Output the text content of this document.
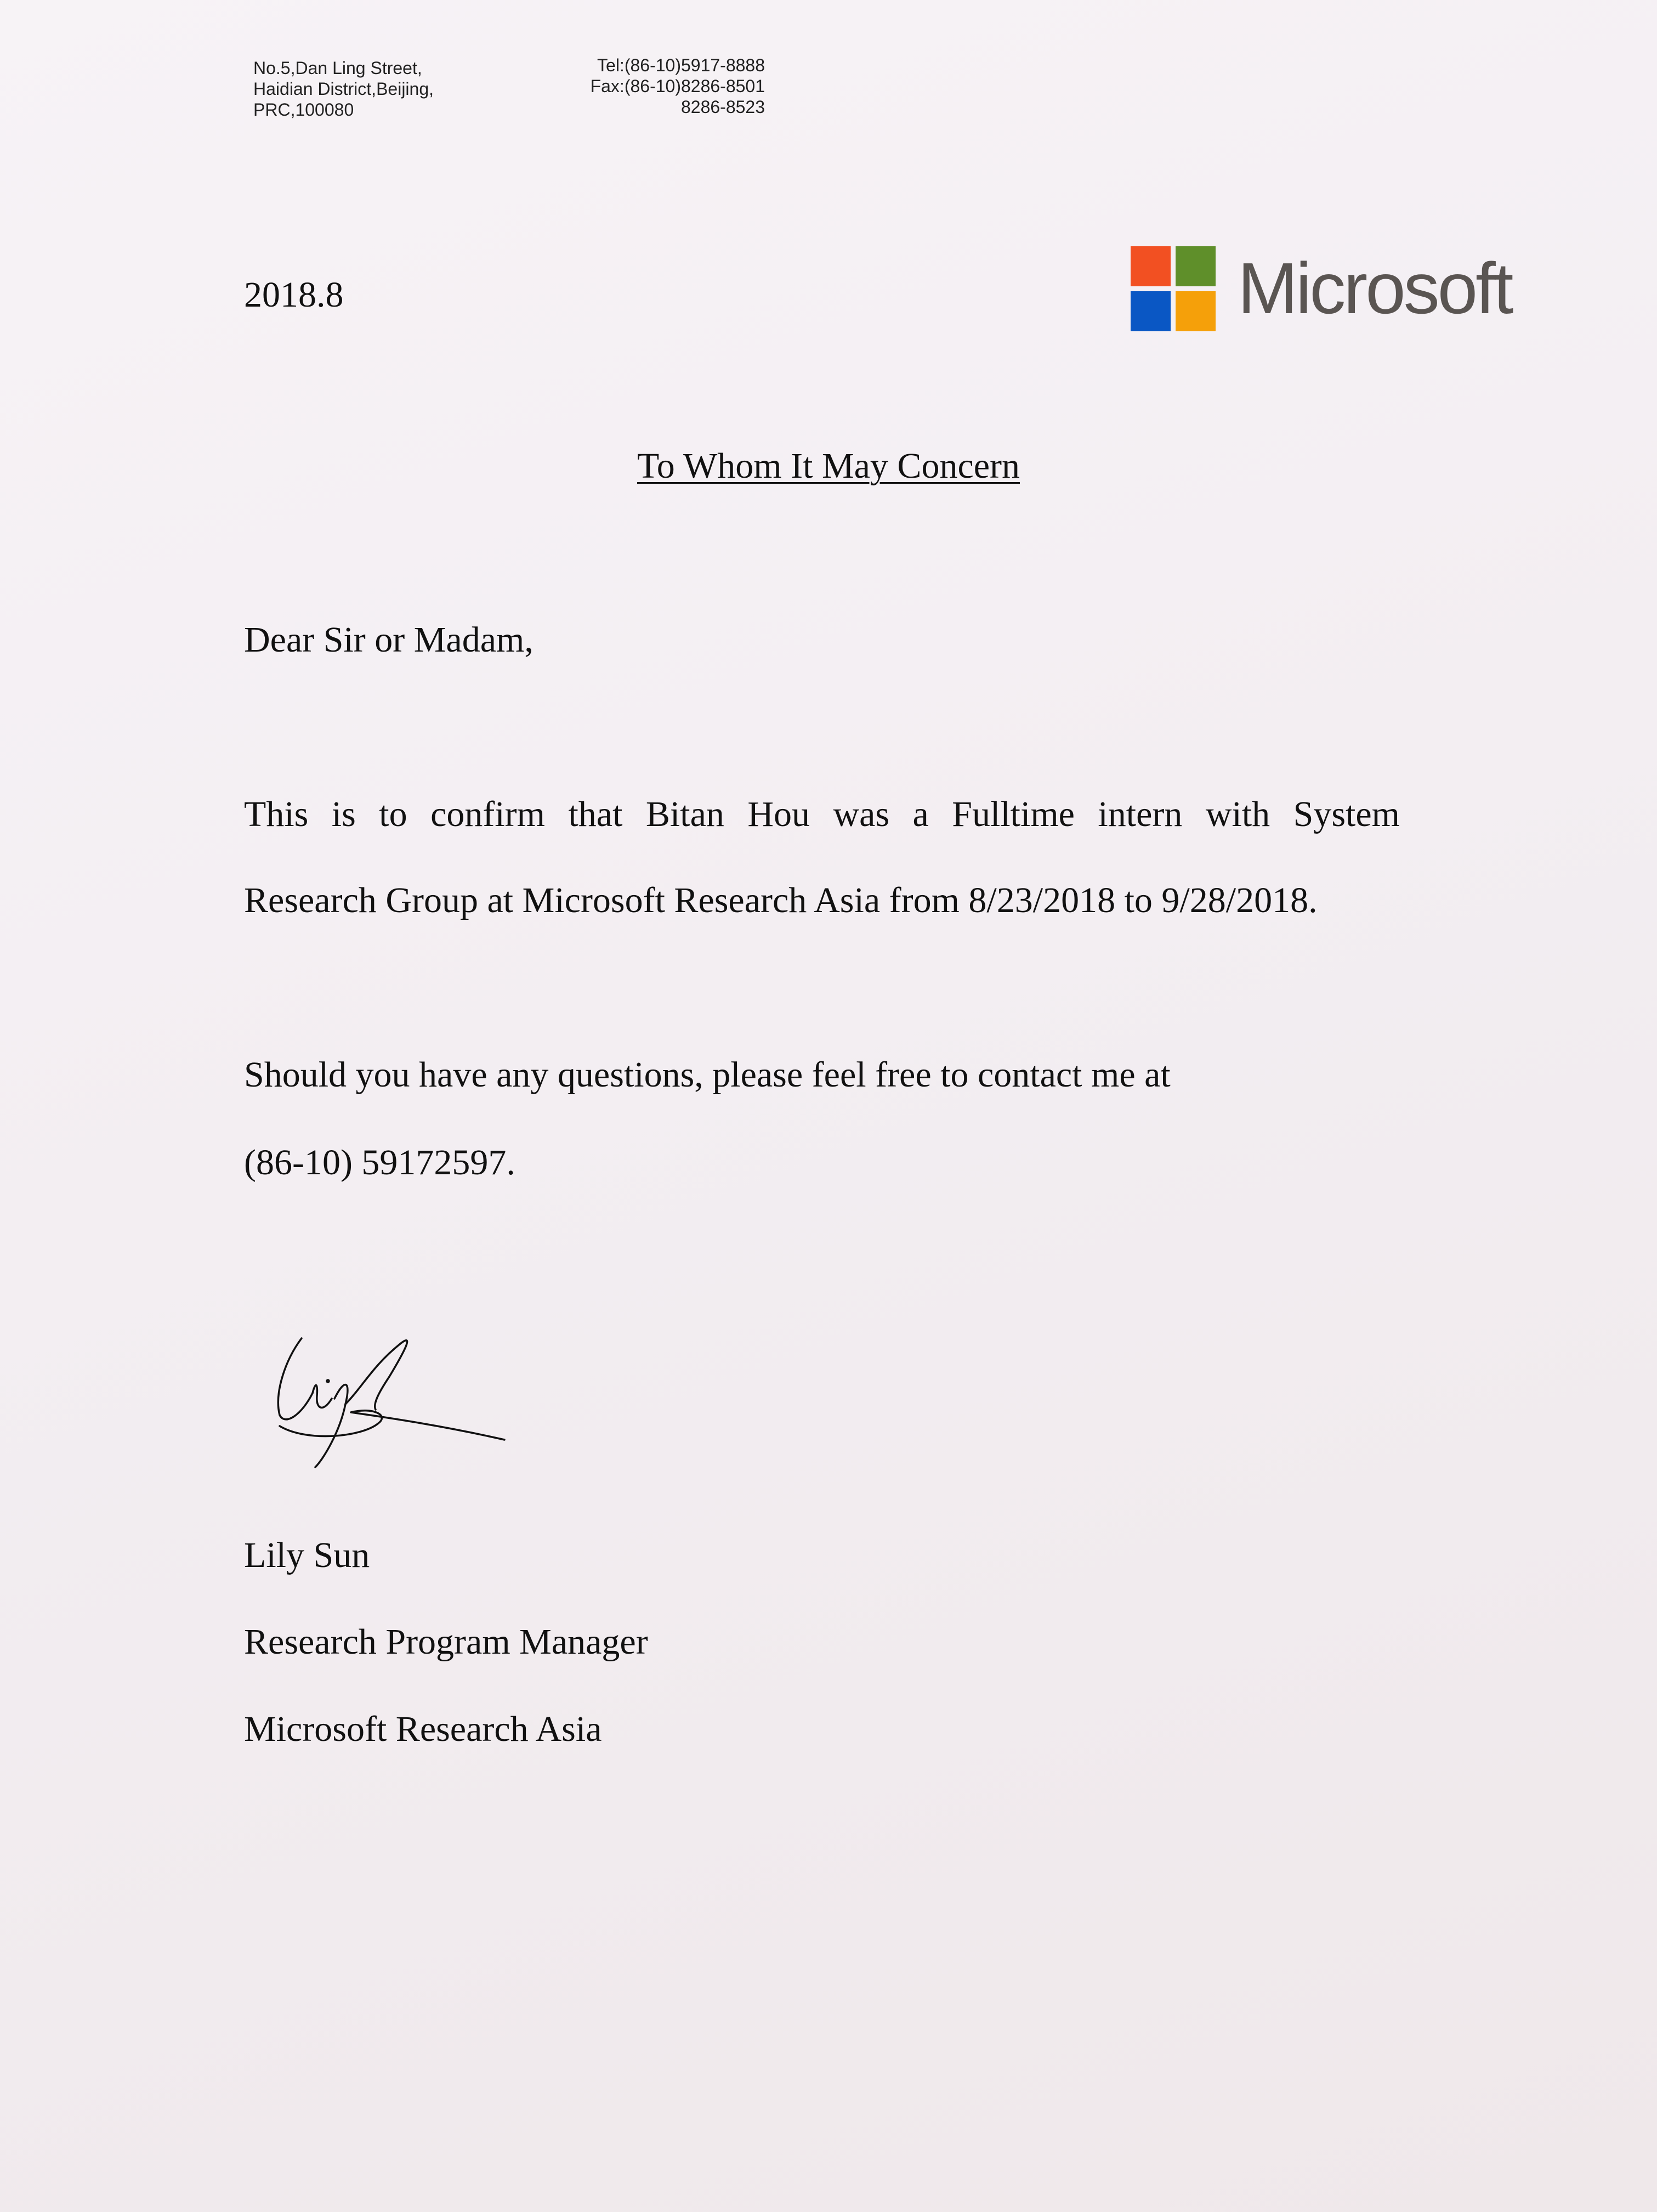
No.5,Dan Ling Street,
Haidian District,Beijing,
PRC,100080
Tel:(86-10)5917-8888
Fax:(86-10)8286-8501
8286-8523
2018.8	Microsoft
To Whom It May Concern
Dear Sir or Madam,
This is to confirm that Bitan Hou was a Fulltime intern with System
Research Group at Microsoft Research Asia from 8/23/2018 to 9/28/2018.
Should you have any questions, please feel free to contact me at
(86-10) 59172597.
Lily Sun
Research Program Manager
Microsoft Research Asia
